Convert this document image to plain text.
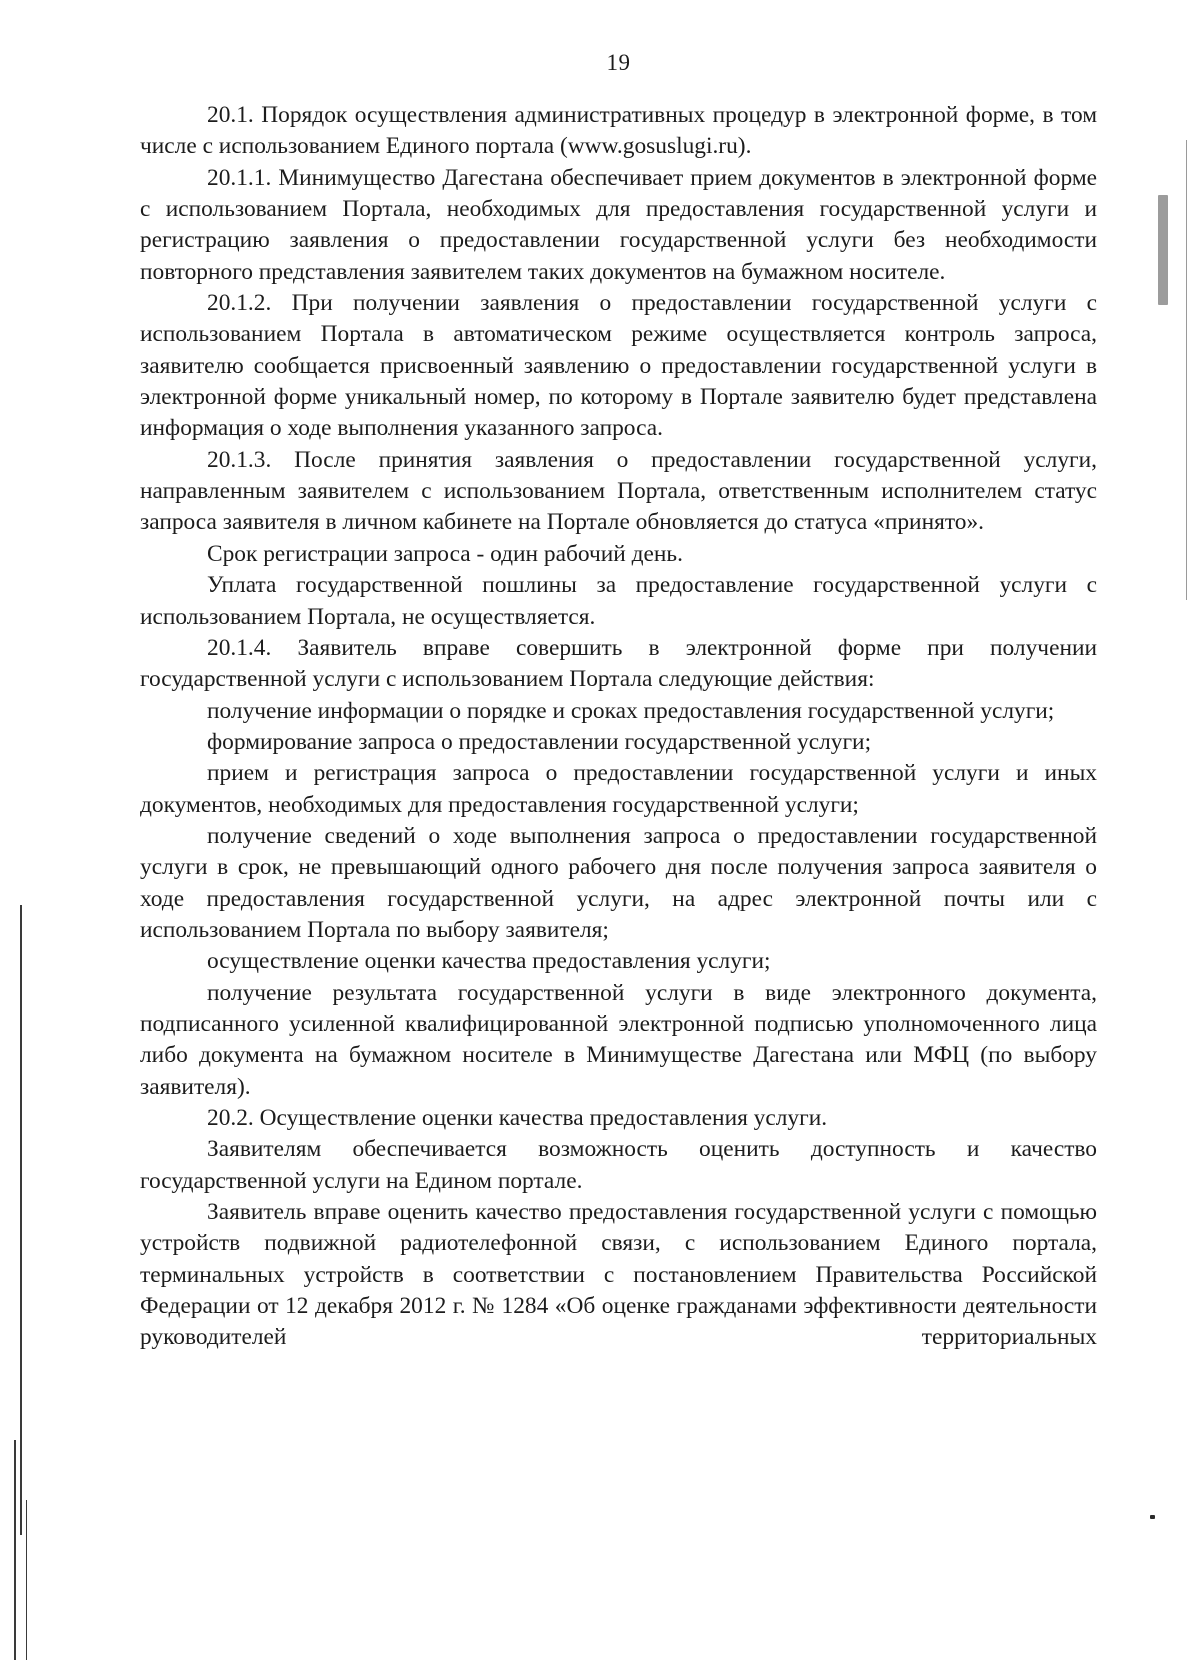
19

20.1. Порядок осуществления административных процедур в электронной форме, в том числе с использованием Единого портала (www.gosuslugi.ru).

20.1.1. Минимущество Дагестана обеспечивает прием документов в электронной форме с использованием Портала, необходимых для предоставления государственной услуги и регистрацию заявления о предоставлении государственной услуги без необходимости повторного представления заявителем таких документов на бумажном носителе.

20.1.2. При получении заявления о предоставлении государственной услуги с использованием Портала в автоматическом режиме осуществляется контроль запроса, заявителю сообщается присвоенный заявлению о предоставлении государственной услуги в электронной форме уникальный номер, по которому в Портале заявителю будет представлена информация о ходе выполнения указанного запроса.

20.1.3. После принятия заявления о предоставлении государственной услуги, направленным заявителем с использованием Портала, ответственным исполнителем статус запроса заявителя в личном кабинете на Портале обновляется до статуса «принято».

Срок регистрации запроса - один рабочий день.

Уплата государственной пошлины за предоставление государственной услуги с использованием Портала, не осуществляется.

20.1.4. Заявитель вправе совершить в электронной форме при получении государственной услуги с использованием Портала следующие действия:

получение информации о порядке и сроках предоставления государственной услуги;

формирование запроса о предоставлении государственной услуги;

прием и регистрация запроса о предоставлении государственной услуги и иных документов, необходимых для предоставления государственной услуги;

получение сведений о ходе выполнения запроса о предоставлении государственной услуги в срок, не превышающий одного рабочего дня после получения запроса заявителя о ходе предоставления государственной услуги, на адрес электронной почты или с использованием Портала по выбору заявителя;

осуществление оценки качества предоставления услуги;

получение результата государственной услуги в виде электронного документа, подписанного усиленной квалифицированной электронной подписью уполномоченного лица либо документа на бумажном носителе в Минимуществе Дагестана или МФЦ (по выбору заявителя).

20.2. Осуществление оценки качества предоставления услуги.

Заявителям обеспечивается возможность оценить доступность и качество государственной услуги на Едином портале.

Заявитель вправе оценить качество предоставления государственной услуги с помощью устройств подвижной радиотелефонной связи, с использованием Единого портала, терминальных устройств в соответствии с постановлением Правительства Российской Федерации от 12 декабря 2012 г. № 1284 «Об оценке гражданами эффективности деятельности руководителей территориальных
